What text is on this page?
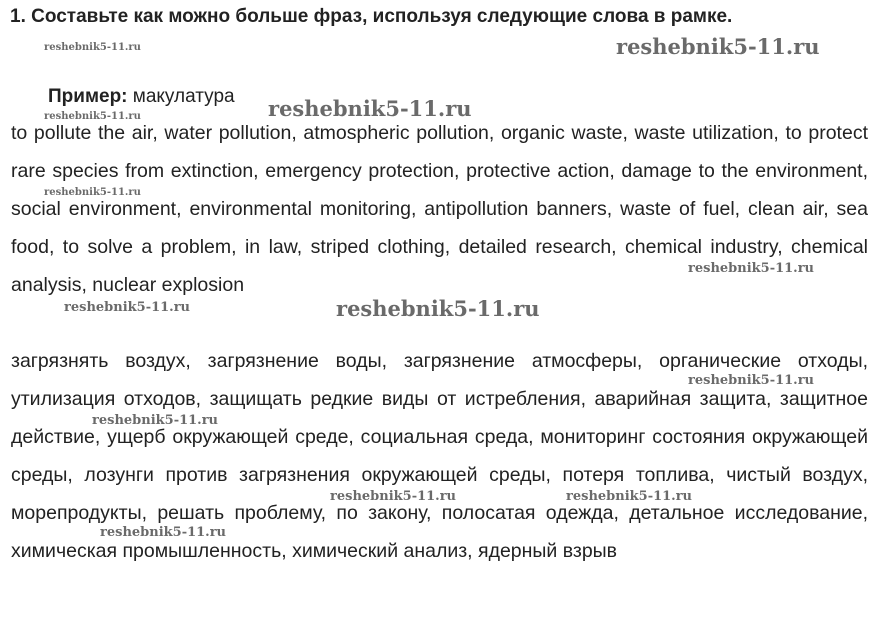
1. Составьте как можно больше фраз, используя следующие слова в рамке.
Пример: макулатура
to pollute the air, water pollution, atmospheric pollution, organic waste, waste utilization, to protect rare species from extinction, emergency protection, protective action, damage to the environment, social environment, environmental monitoring, antipollution banners, waste of fuel, clean air, sea food, to solve a problem, in law, striped clothing, detailed research, chemical industry, chemical analysis, nuclear explosion
загрязнять воздух, загрязнение воды, загрязнение атмосферы, органические отходы, утилизация отходов, защищать редкие виды от истребления, аварийная защита, защитное действие, ущерб окружающей среде, социальная среда, мониторинг состояния окружающей среды, лозунги против загрязнения окружающей среды, потеря топлива, чистый воздух, морепродукты, решать проблему, по закону, полосатая одежда, детальное исследование, химическая промышленность, химический анализ, ядерный взрыв
reshebnik5-11.ru	reshebnik5-11.ru
reshebnik5-11.ru
reshebnik5-11.ru
reshebnik5-11.ru
reshebnik5-11.ru
reshebnik5-11.ru	reshebnik5-11.ru
reshebnik5-11.ru
reshebnik5-11.ru
reshebnik5-11.ru	reshebnik5-11.ru
reshebnik5-11.ru
